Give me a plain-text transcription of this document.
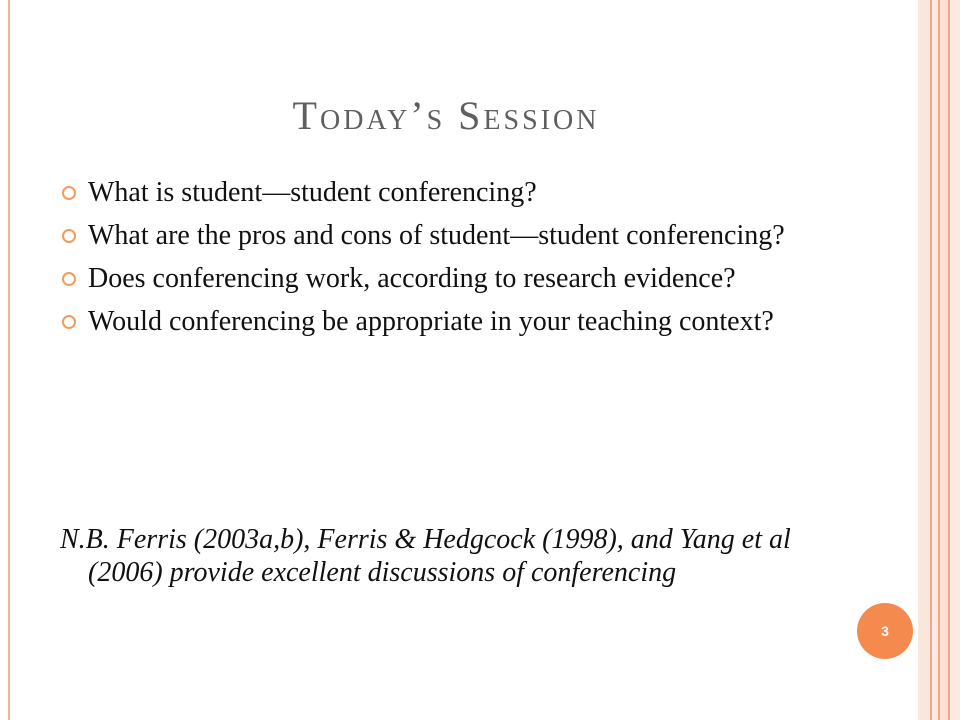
Today’s Session
What is student—student conferencing?
What are the pros and cons of student—student conferencing?
Does conferencing work, according to research evidence?
Would conferencing be appropriate in your teaching context?
N.B. Ferris (2003a,b), Ferris & Hedgcock (1998), and Yang et al (2006) provide excellent discussions of conferencing
3
